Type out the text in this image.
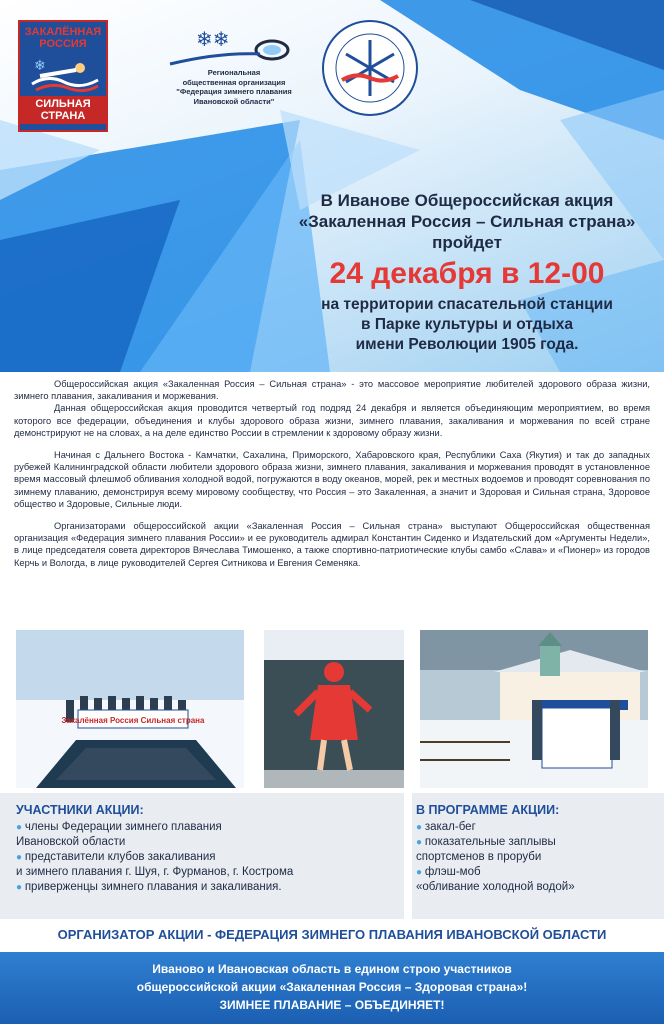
ЗАКАЛЁННАЯ РОССИЯ
❄
СИЛЬНАЯ СТРАНА
❄❄
Региональная
общественная организация
"Федерация зимнего плавания
Ивановской области"
В Иванове Общероссийская акция
«Закаленная Россия – Сильная страна»
пройдет
24 декабря в 12-00
на территории спасательной станции
в Парке культуры и отдыха
имени Революции 1905 года.

Общероссийская акция «Закаленная Россия – Сильная страна» - это массовое мероприятие любителей здорового образа жизни, зимнего плавания, закаливания и моржевания.

Данная общероссийская акция проводится четвертый год подряд 24 декабря и является объединяющим мероприятием, во время которого все федерации, объединения и клубы здорового образа жизни, зимнего плавания, закаливания и моржевания по всей стране демонстрируют не на словах, а на деле единство России в стремлении к здоровому образу жизни.

Начиная с Дальнего Востока - Камчатки, Сахалина, Приморского, Хабаровского края, Республики Саха (Якутия) и так до западных рубежей Калининградской области любители здорового образа жизни, зимнего плавания, закаливания и моржевания проводят в установленное время массовый флешмоб обливания холодной водой, погружаются в воду океанов, морей, рек и местных водоемов и проводят соревнования по зимнему плаванию, демонстрируя всему мировому сообществу, что Россия – это Закаленная, а значит и Здоровая и Сильная страна, Здоровое общество и Здоровые, Сильные люди.

Организаторами общероссийской акции «Закаленная Россия – Сильная страна» выступают Общероссийская общественная организация «Федерация зимнего плавания России» и ее руководитель адмирал Константин Сиденко и Издательский дом «Аргументы Недели», в лице председателя совета директоров Вячеслава Тимошенко, а также спортивно-патриотические клубы самбо «Слава» и «Пионер» из городов Керчь и Вологда, в лице руководителей Сергея Ситникова и Евгения Семеняка.

Закалённая Россия Сильная страна
УЧАСТНИКИ АКЦИИ:
● члены Федерации зимнего плавания
Ивановской области
● представители клубов закаливания
и зимнего плавания г. Шуя, г. Фурманов, г. Кострома
● приверженцы зимнего плавания и закаливания.
В ПРОГРАММЕ АКЦИИ:
● закал-бег
● показательные заплывы
спортсменов в проруби
● флэш-моб
«обливание холодной водой»
ОРГАНИЗАТОР АКЦИИ - ФЕДЕРАЦИЯ ЗИМНЕГО ПЛАВАНИЯ ИВАНОВСКОЙ ОБЛАСТИ
Иваново и Ивановская область в едином строю участников
общероссийской акции «Закаленная Россия – Здоровая страна»!
ЗИМНЕЕ ПЛАВАНИЕ – ОБЪЕДИНЯЕТ!
